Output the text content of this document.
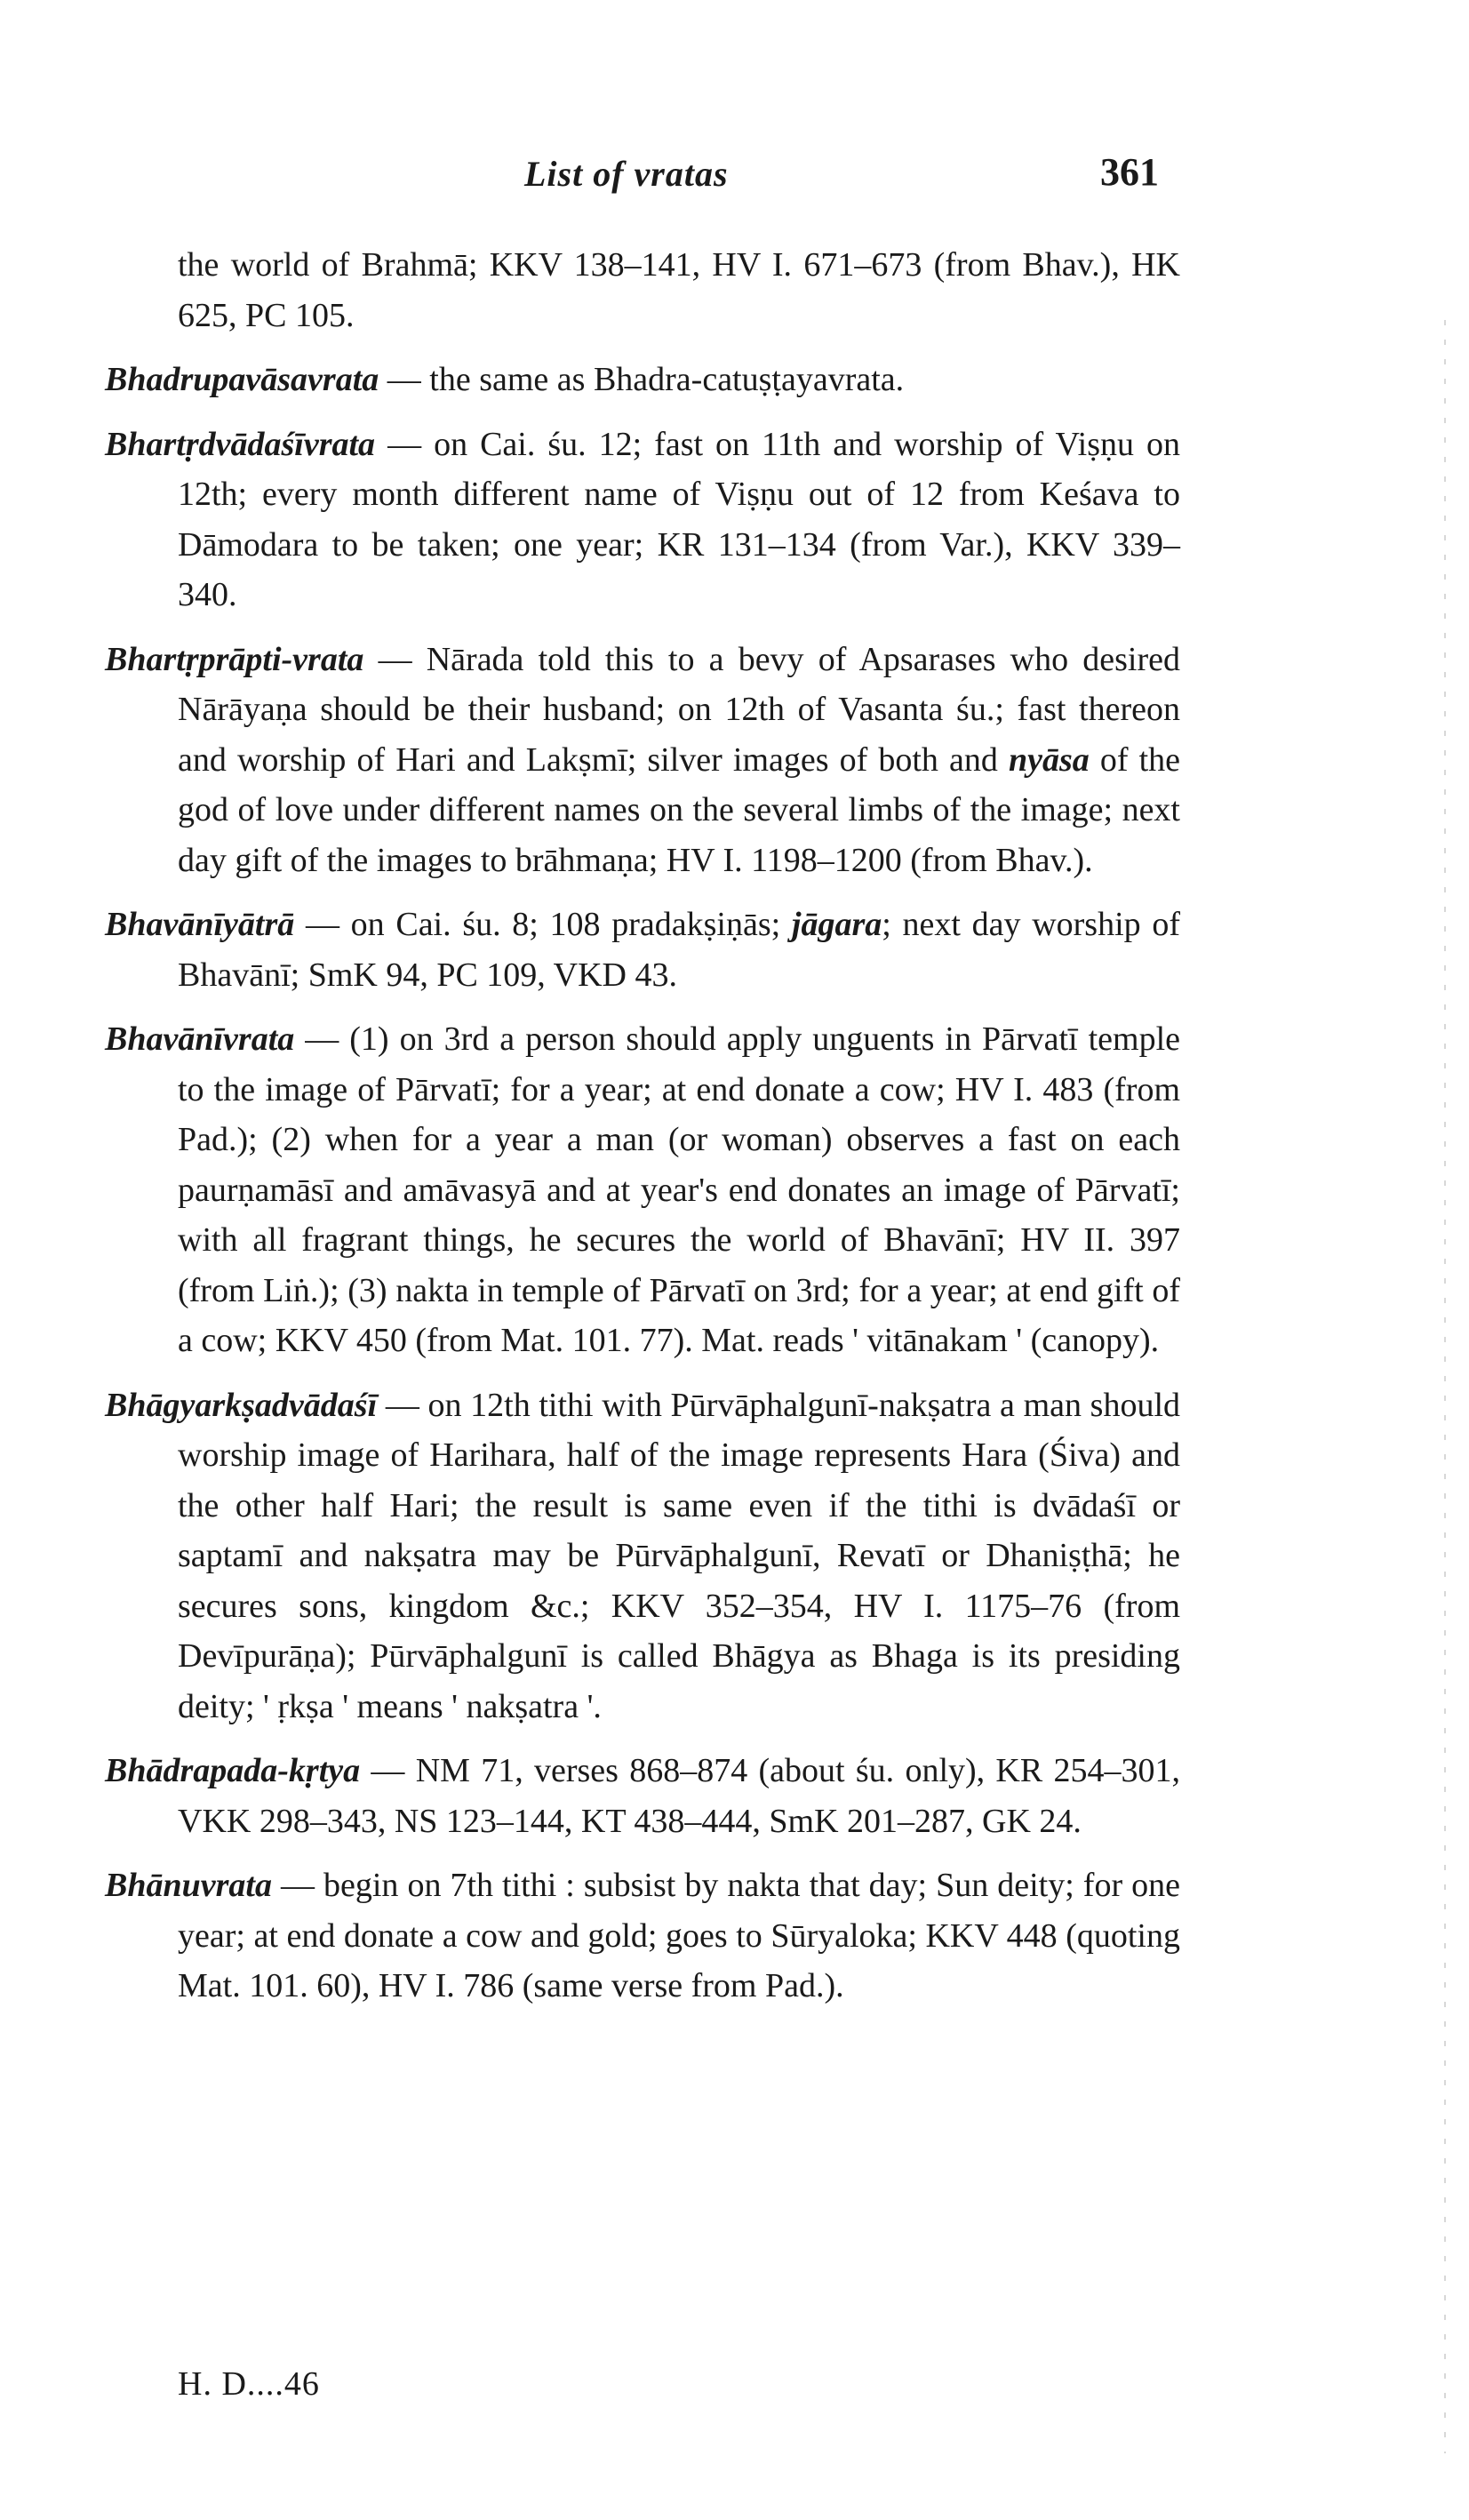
List of vratas	361

the world of Brahmā; KKV 138–141, HV I. 671–673 (from Bhav.), HK 625, PC 105.

Bhadrupavāsavrata — the same as Bhadra-catuṣṭayavrata.

Bhartṛdvādaśīvrata — on Cai. śu. 12; fast on 11th and worship of Viṣṇu on 12th; every month different name of Viṣṇu out of 12 from Keśava to Dāmodara to be taken; one year; KR 131–134 (from Var.), KKV 339–340.

Bhartṛprāpti-vrata — Nārada told this to a bevy of Apsarases who desired Nārāyaṇa should be their husband; on 12th of Vasanta śu.; fast thereon and worship of Hari and Lakṣmī; silver images of both and nyāsa of the god of love under different names on the several limbs of the image; next day gift of the images to brāhmaṇa; HV I. 1198–1200 (from Bhav.).

Bhavānīyātrā — on Cai. śu. 8; 108 pradakṣiṇās; jāgara; next day worship of Bhavānī; SmK 94, PC 109, VKD 43.

Bhavānīvrata — (1) on 3rd a person should apply unguents in Pārvatī temple to the image of Pārvatī; for a year; at end donate a cow; HV I. 483 (from Pad.); (2) when for a year a man (or woman) observes a fast on each paurṇamāsī and amāvasyā and at year's end donates an image of Pārvatī; with all fragrant things, he secures the world of Bhavānī; HV II. 397 (from Liṅ.); (3) nakta in temple of Pārvatī on 3rd; for a year; at end gift of a cow; KKV 450 (from Mat. 101. 77). Mat. reads ' vitānakam ' (canopy).

Bhāgyarkṣadvādaśī — on 12th tithi with Pūrvāphalgunī-nakṣatra a man should worship image of Harihara, half of the image represents Hara (Śiva) and the other half Hari; the result is same even if the tithi is dvādaśī or saptamī and nakṣatra may be Pūrvāphalgunī, Revatī or Dhaniṣṭhā; he secures sons, kingdom &c.; KKV 352–354, HV I. 1175–76 (from Devīpurāṇa); Pūrvāphalgunī is called Bhāgya as Bhaga is its presiding deity; ' ṛkṣa ' means ' nakṣatra '.

Bhādrapada-kṛtya — NM 71, verses 868–874 (about śu. only), KR 254–301, VKK 298–343, NS 123–144, KT 438–444, SmK 201–287, GK 24.

Bhānuvrata — begin on 7th tithi : subsist by nakta that day; Sun deity; for one year; at end donate a cow and gold; goes to Sūryaloka; KKV 448 (quoting Mat. 101. 60), HV I. 786 (same verse from Pad.).

H. D....46
